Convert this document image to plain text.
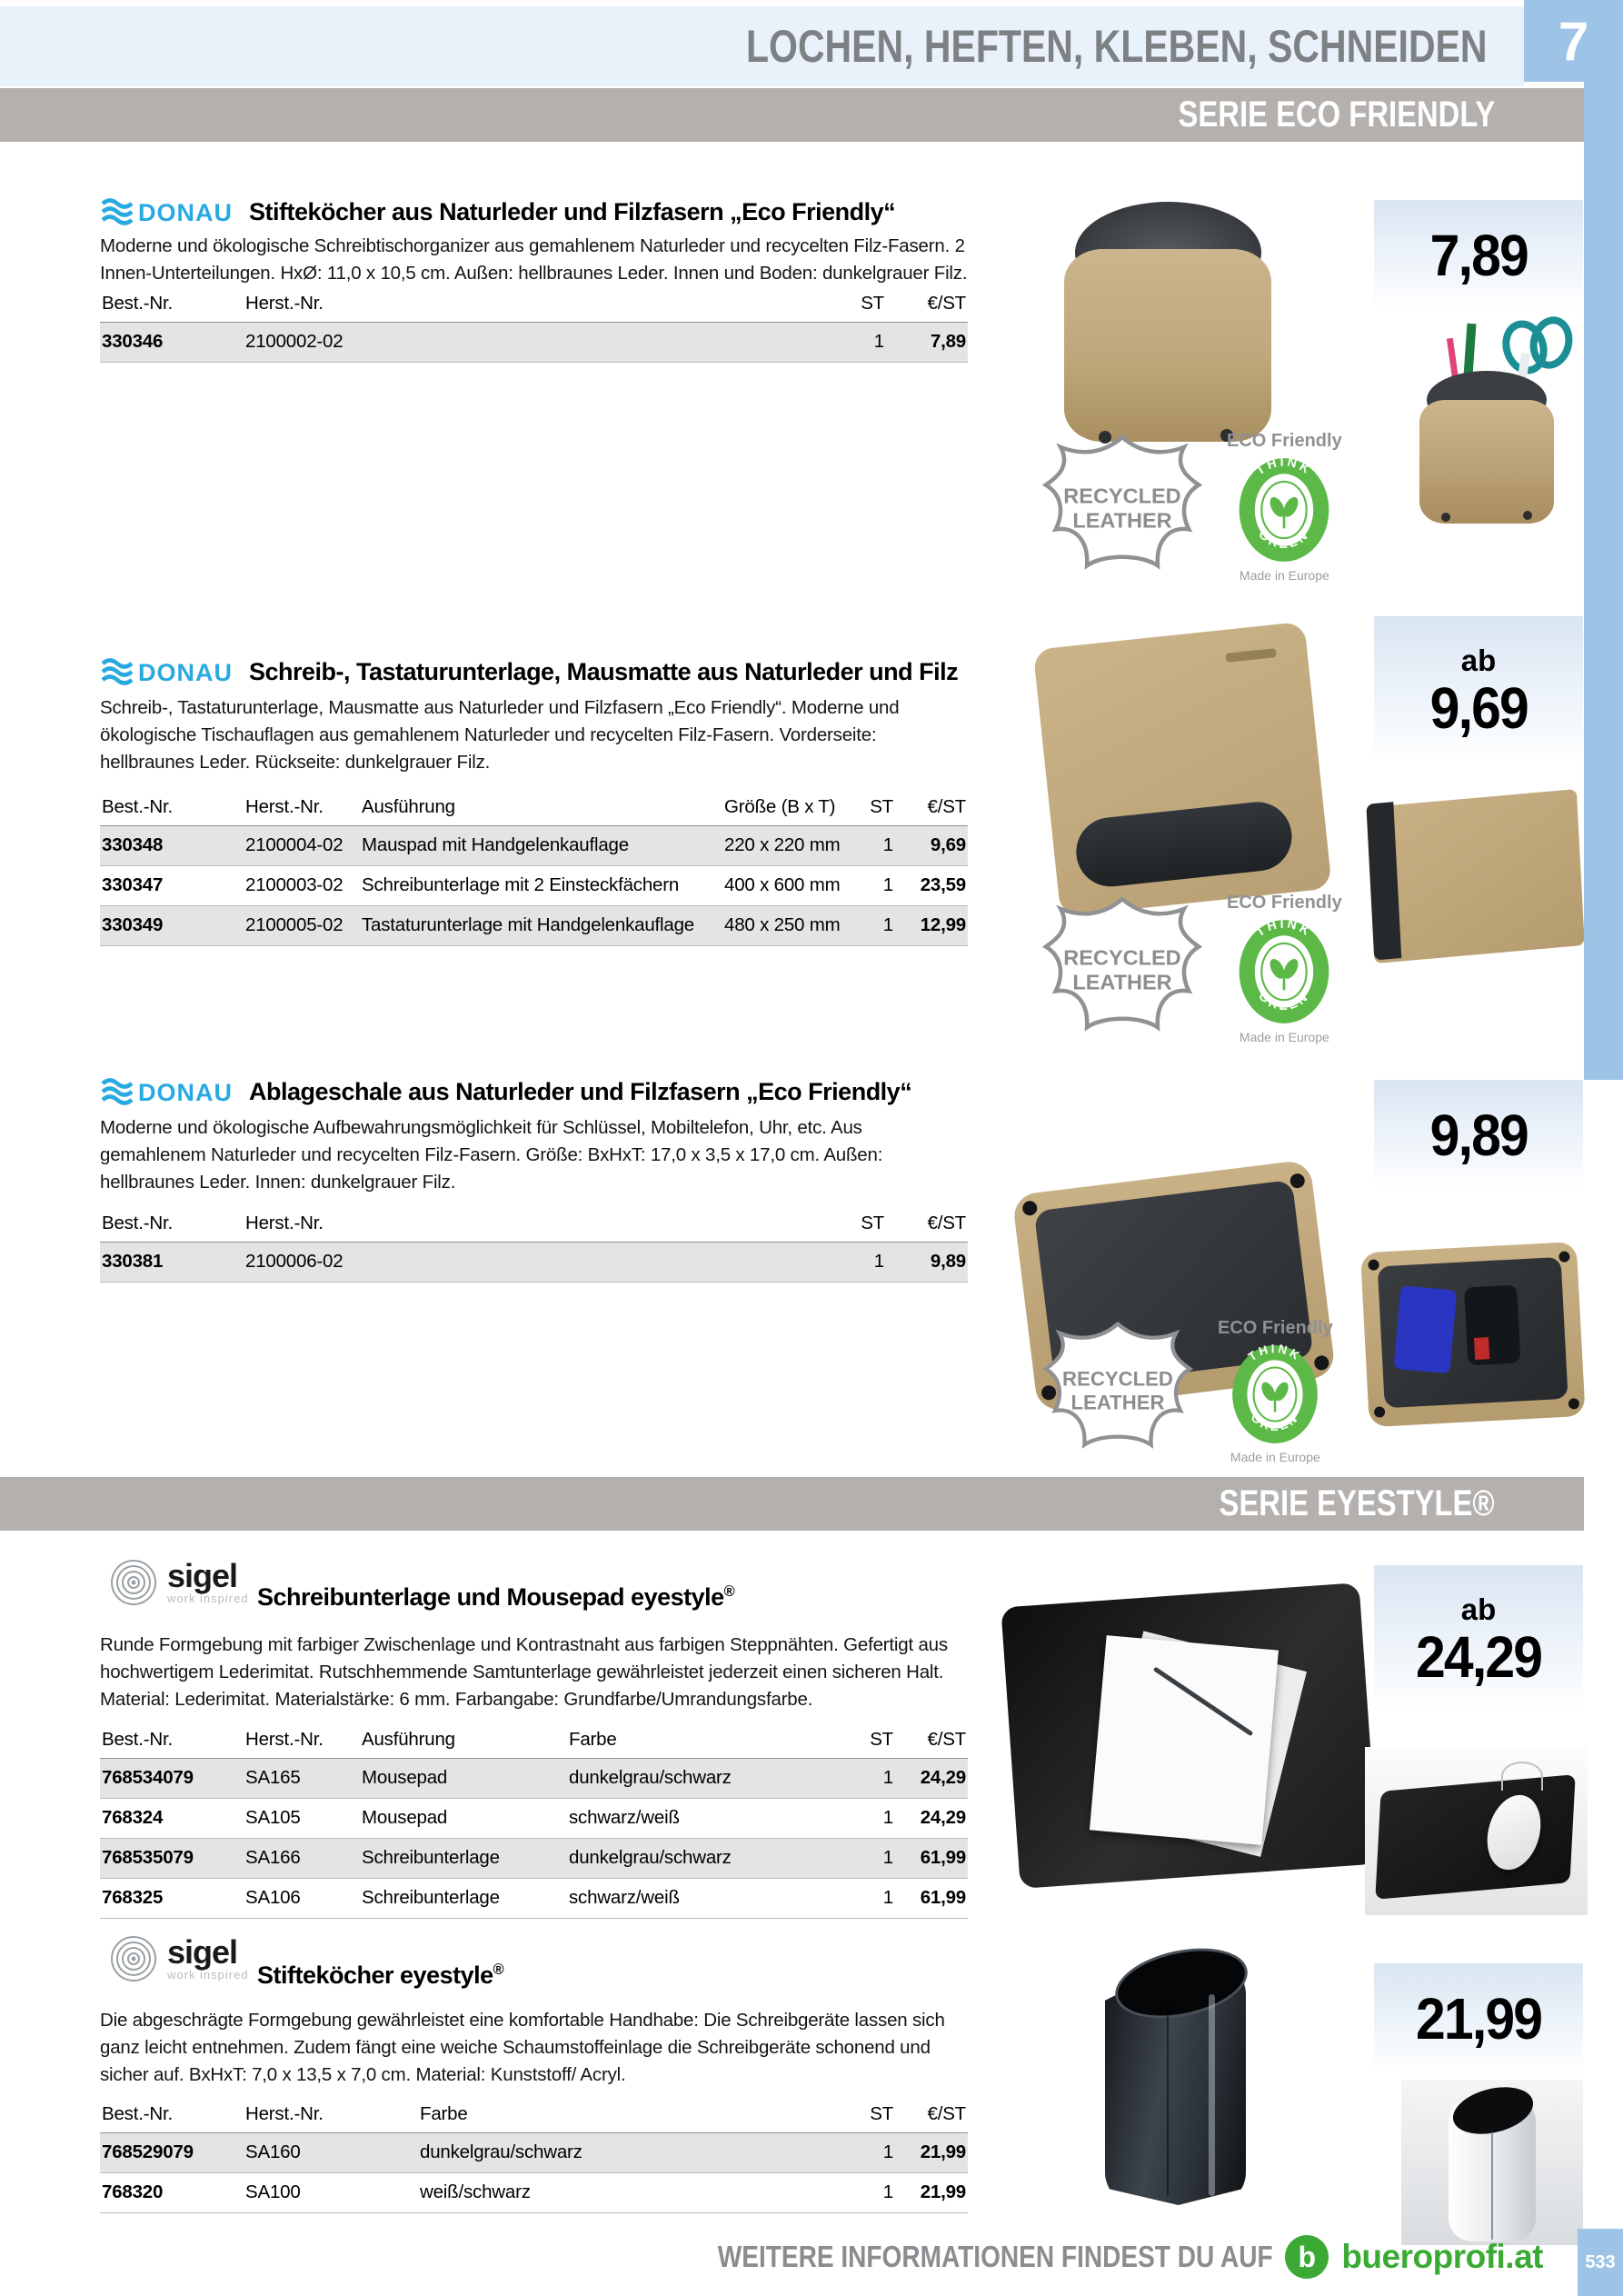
LOCHEN, HEFTEN, KLEBEN, SCHNEIDEN	7
SERIE ECO FRIENDLY
DONAU Stifteköcher aus Naturleder und Filzfasern „Eco Friendly“

Moderne und ökologische Schreibtischorganizer aus gemahlenem Naturleder und recycelten Filz-Fasern. 2 Innen-Unterteilungen. HxØ: 11,0 x 10,5 cm. Außen: hellbraunes Leder. Innen und Boden: dunkelgrauer Filz.

Best.-Nr.	Herst.-Nr.	ST	€/ST
330346	2100002-02	1	7,89
7,89
RECYCLED
LEATHER
ECO Friendly
THINK
GREEN
Made in Europe
DONAU Schreib-, Tastaturunterlage, Mausmatte aus Naturleder und Filz

Schreib-, Tastaturunterlage, Mausmatte aus Naturleder und Filzfasern „Eco Friendly“. Moderne und ökologische Tischauflagen aus gemahlenem Naturleder und recycelten Filz-Fasern. Vorderseite: hellbraunes Leder. Rückseite: dunkelgrauer Filz.

Best.-Nr.	Herst.-Nr.	Ausführung	Größe (B x T)	ST	€/ST
330348	2100004-02	Mauspad mit Handgelenkauflage	220 x 220 mm	1	9,69
330347	2100003-02	Schreibunterlage mit 2 Einsteckfächern	400 x 600 mm	1	23,59
330349	2100005-02	Tastaturunterlage mit Handgelenkauflage	480 x 250 mm	1	12,99
ab
9,69
RECYCLED
LEATHER
ECO Friendly
THINK
GREEN
Made in Europe
DONAU Ablageschale aus Naturleder und Filzfasern „Eco Friendly“

Moderne und ökologische Aufbewahrungsmöglichkeit für Schlüssel, Mobiltelefon, Uhr, etc. Aus gemahlenem Naturleder und recycelten Filz-Fasern. Größe: BxHxT: 17,0 x 3,5 x 17,0 cm. Außen: hellbraunes Leder. Innen: dunkelgrauer Filz.

Best.-Nr.	Herst.-Nr.	ST	€/ST
330381	2100006-02	1	9,89
9,89
RECYCLED
LEATHER
ECO Friendly
THINK
GREEN
Made in Europe
SERIE EYESTYLE®
sigel
work inspired Schreibunterlage und Mousepad eyestyle®

Runde Formgebung mit farbiger Zwischenlage und Kontrastnaht aus farbigen Steppnähten. Gefertigt aus hochwertigem Lederimitat. Rutschhemmende Samtunterlage gewährleistet jederzeit einen sicheren Halt. Material: Lederimitat. Materialstärke: 6 mm. Farbangabe: Grundfarbe/Umrandungsfarbe.

Best.-Nr.	Herst.-Nr.	Ausführung	Farbe	ST	€/ST
768534079	SA165	Mousepad	dunkelgrau/schwarz	1	24,29
768324	SA105	Mousepad	schwarz/weiß	1	24,29
768535079	SA166	Schreibunterlage	dunkelgrau/schwarz	1	61,99
768325	SA106	Schreibunterlage	schwarz/weiß	1	61,99
ab
24,29
sigel
work inspired Stifteköcher eyestyle®

Die abgeschrägte Formgebung gewährleistet eine komfortable Handhabe: Die Schreibgeräte lassen sich ganz leicht entnehmen. Zudem fängt eine weiche Schaumstoffeinlage die Schreibgeräte schonend und sicher auf. BxHxT: 7,0 x 13,5 x 7,0 cm. Material: Kunststoff/ Acryl.

Best.-Nr.	Herst.-Nr.	Farbe	ST	€/ST
768529079	SA160	dunkelgrau/schwarz	1	21,99
768320	SA100	weiß/schwarz	1	21,99
21,99
WEITERE INFORMATIONEN FINDEST DU AUF b bueroprofi.at	533
